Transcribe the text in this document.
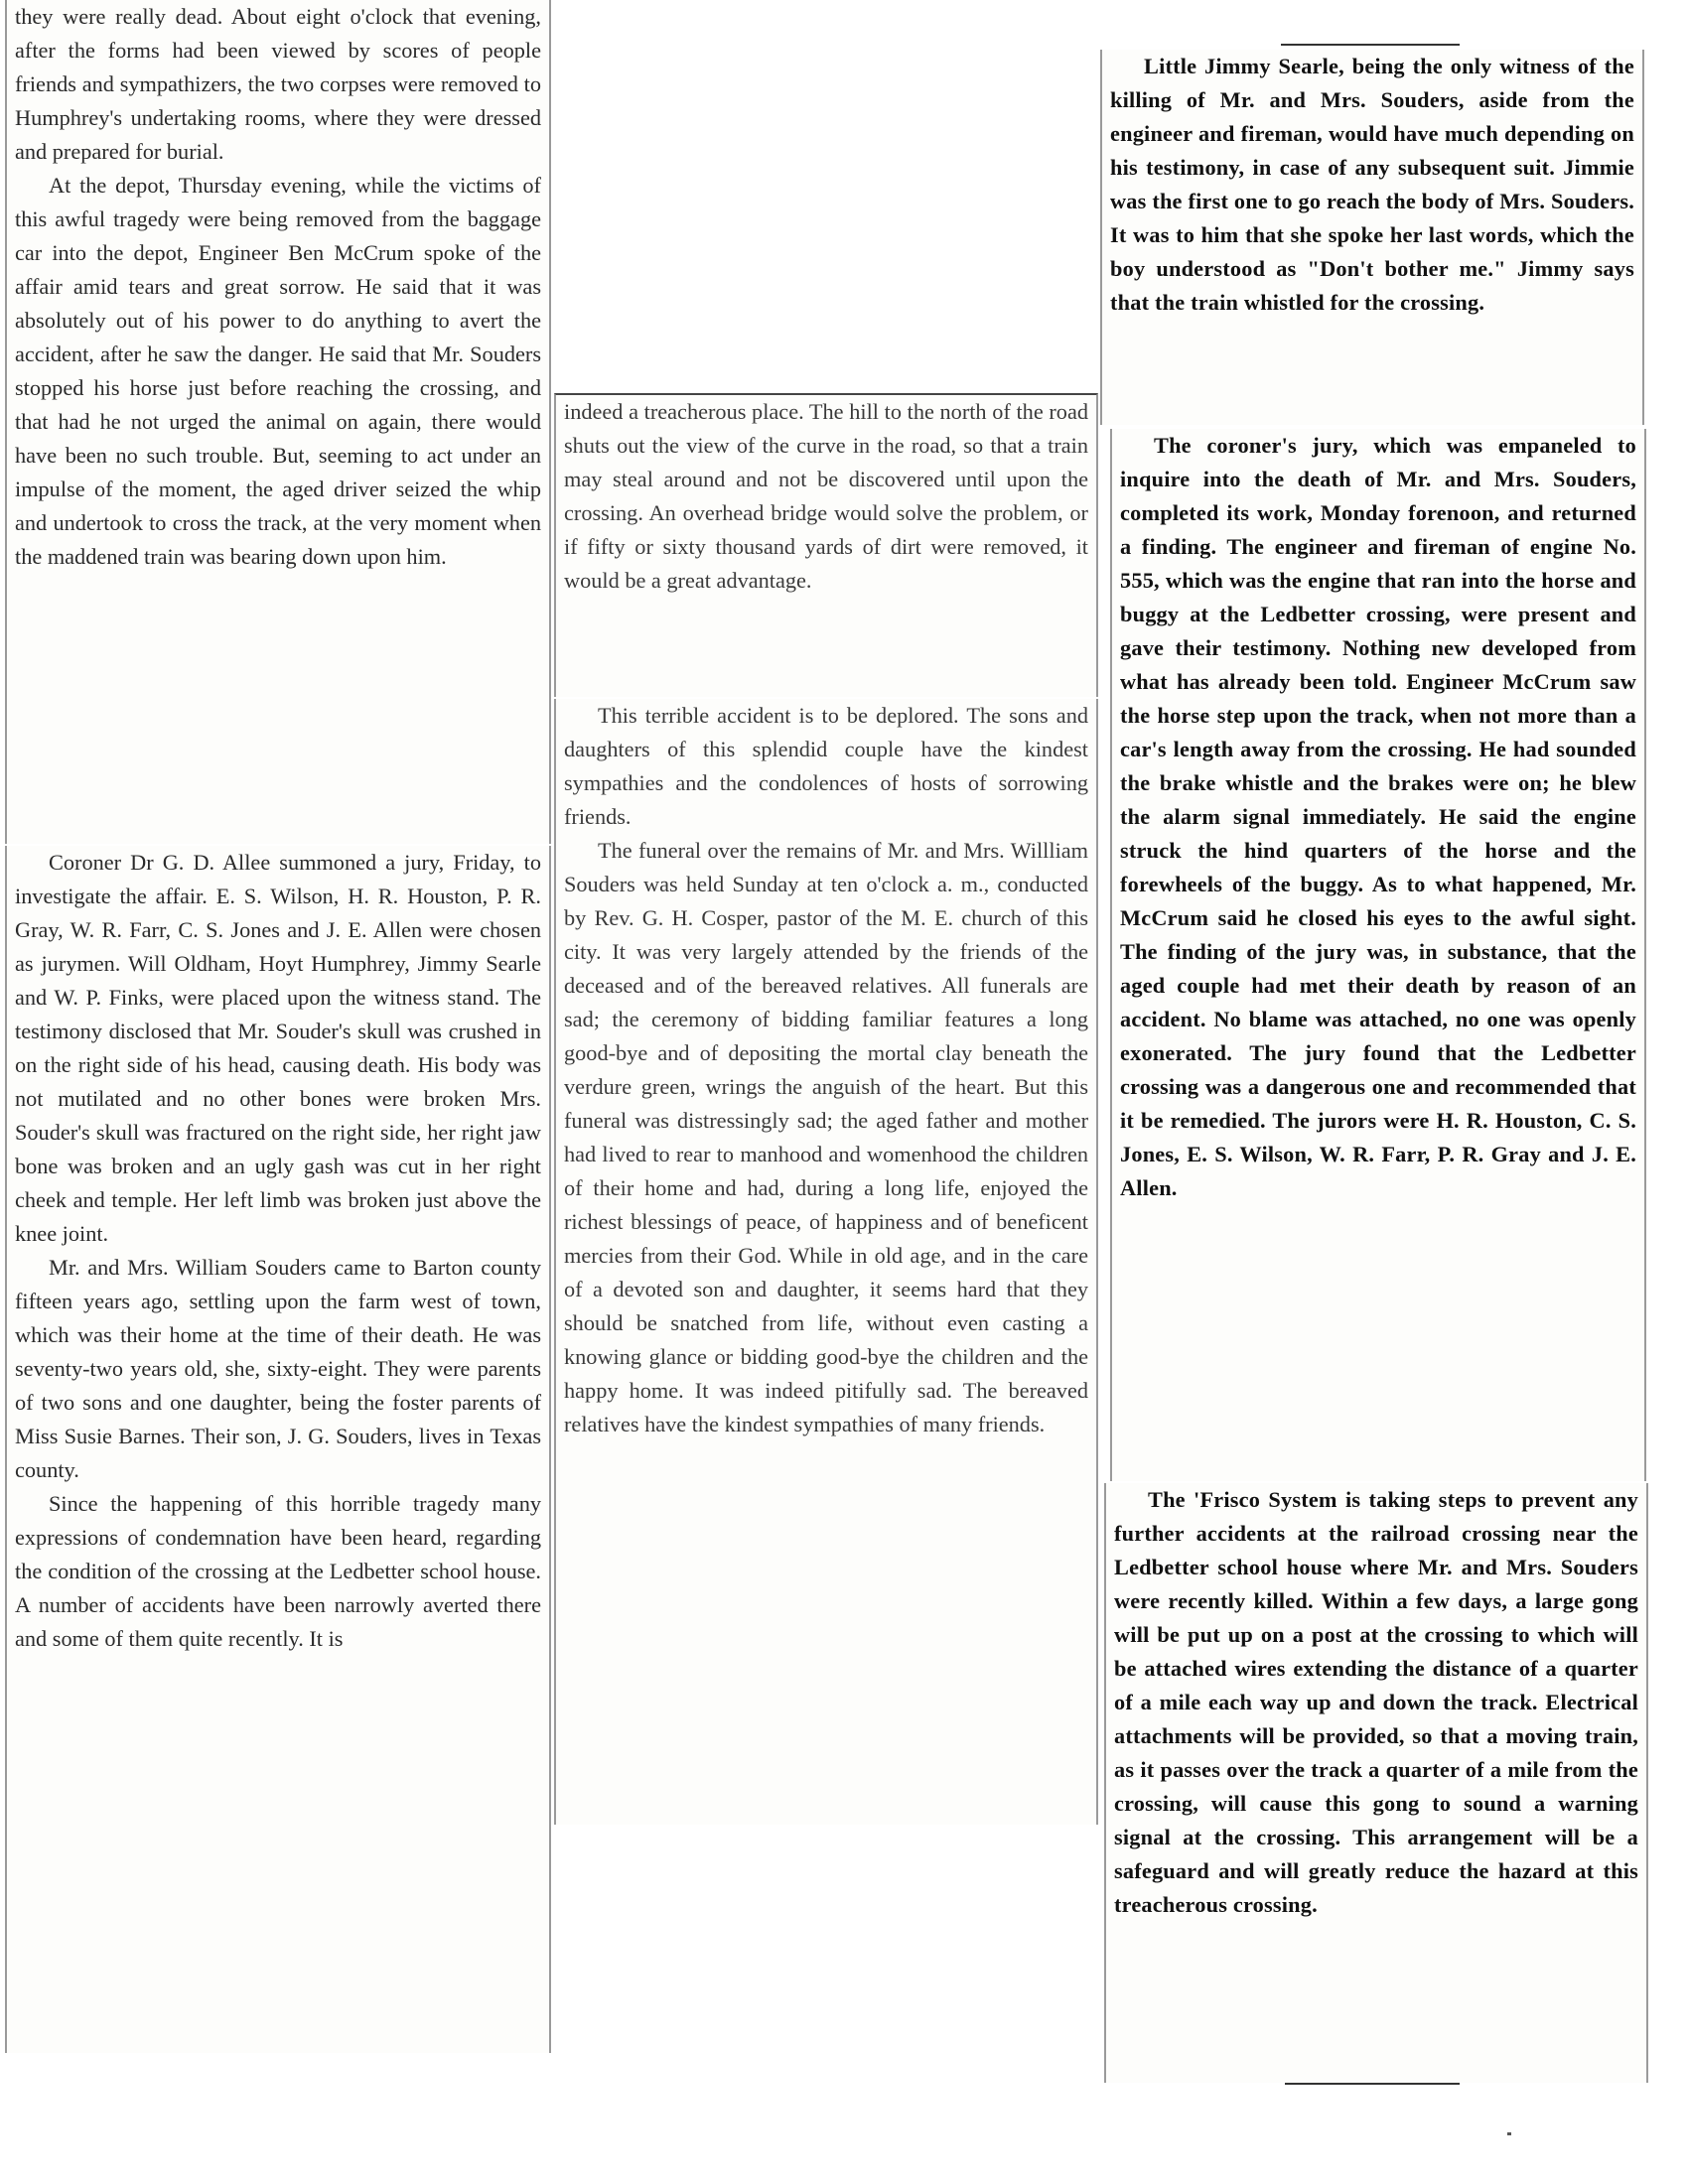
they were really dead. About eight o'clock that evening, after the forms had been viewed by scores of people friends and sympathizers, the two corpses were removed to Humphrey's undertaking rooms, where they were dressed and prepared for burial.

At the depot, Thursday evening, while the victims of this awful tragedy were being removed from the baggage car into the depot, Engineer Ben McCrum spoke of the affair amid tears and great sorrow. He said that it was absolutely out of his power to do anything to avert the accident, after he saw the danger. He said that Mr. Souders stopped his horse just before reaching the crossing, and that had he not urged the animal on again, there would have been no such trouble. But, seeming to act under an impulse of the moment, the aged driver seized the whip and undertook to cross the track, at the very moment when the maddened train was bearing down upon him.

Coroner Dr G. D. Allee summoned a jury, Friday, to investigate the affair. E. S. Wilson, H. R. Houston, P. R. Gray, W. R. Farr, C. S. Jones and J. E. Allen were chosen as jurymen. Will Oldham, Hoyt Humphrey, Jimmy Searle and W. P. Finks, were placed upon the witness stand. The testimony disclosed that Mr. Souder's skull was crushed in on the right side of his head, causing death. His body was not mutilated and no other bones were broken Mrs. Souder's skull was fractured on the right side, her right jaw bone was broken and an ugly gash was cut in her right cheek and temple. Her left limb was broken just above the knee joint.

Mr. and Mrs. William Souders came to Barton county fifteen years ago, settling upon the farm west of town, which was their home at the time of their death. He was seventy-two years old, she, sixty-eight. They were parents of two sons and one daughter, being the foster parents of Miss Susie Barnes. Their son, J. G. Souders, lives in Texas county.

Since the happening of this horrible tragedy many expressions of condemnation have been heard, regarding the condition of the crossing at the Ledbetter school house. A number of accidents have been narrowly averted there and some of them quite recently. It is

indeed a treacherous place. The hill to the north of the road shuts out the view of the curve in the road, so that a train may steal around and not be discovered until upon the crossing. An overhead bridge would solve the problem, or if fifty or sixty thousand yards of dirt were removed, it would be a great advantage.

This terrible accident is to be deplored. The sons and daughters of this splendid couple have the kindest sympathies and the condolences of hosts of sorrowing friends.

The funeral over the remains of Mr. and Mrs. Willliam Souders was held Sunday at ten o'clock a. m., conducted by Rev. G. H. Cosper, pastor of the M. E. church of this city. It was very largely attended by the friends of the deceased and of the bereaved relatives. All funerals are sad; the ceremony of bidding familiar features a long good-bye and of depositing the mortal clay beneath the verdure green, wrings the anguish of the heart. But this funeral was distressingly sad; the aged father and mother had lived to rear to manhood and womenhood the children of their home and had, during a long life, enjoyed the richest blessings of peace, of happiness and of beneficent mercies from their God. While in old age, and in the care of a devoted son and daughter, it seems hard that they should be snatched from life, without even casting a knowing glance or bidding good-bye the children and the happy home. It was indeed pitifully sad. The bereaved relatives have the kindest sympathies of many friends.

Little Jimmy Searle, being the only witness of the killing of Mr. and Mrs. Souders, aside from the engineer and fireman, would have much depending on his testimony, in case of any subsequent suit. Jimmie was the first one to go reach the body of Mrs. Souders. It was to him that she spoke her last words, which the boy understood as "Don't bother me." Jimmy says that the train whistled for the crossing.

The coroner's jury, which was empaneled to inquire into the death of Mr. and Mrs. Souders, completed its work, Monday forenoon, and returned a finding. The engineer and fireman of engine No. 555, which was the engine that ran into the horse and buggy at the Ledbetter crossing, were present and gave their testimony. Nothing new developed from what has already been told. Engineer McCrum saw the horse step upon the track, when not more than a car's length away from the crossing. He had sounded the brake whistle and the brakes were on; he blew the alarm signal immediately. He said the engine struck the hind quarters of the horse and the forewheels of the buggy. As to what happened, Mr. McCrum said he closed his eyes to the awful sight. The finding of the jury was, in substance, that the aged couple had met their death by reason of an accident. No blame was attached, no one was openly exonerated. The jury found that the Ledbetter crossing was a dangerous one and recommended that it be remedied. The jurors were H. R. Houston, C. S. Jones, E. S. Wilson, W. R. Farr, P. R. Gray and J. E. Allen.

The 'Frisco System is taking steps to prevent any further accidents at the railroad crossing near the Ledbetter school house where Mr. and Mrs. Souders were recently killed. Within a few days, a large gong will be put up on a post at the crossing to which will be attached wires extending the distance of a quarter of a mile each way up and down the track. Electrical attachments will be provided, so that a moving train, as it passes over the track a quarter of a mile from the crossing, will cause this gong to sound a warning signal at the crossing. This arrangement will be a safeguard and will greatly reduce the hazard at this treacherous crossing.
